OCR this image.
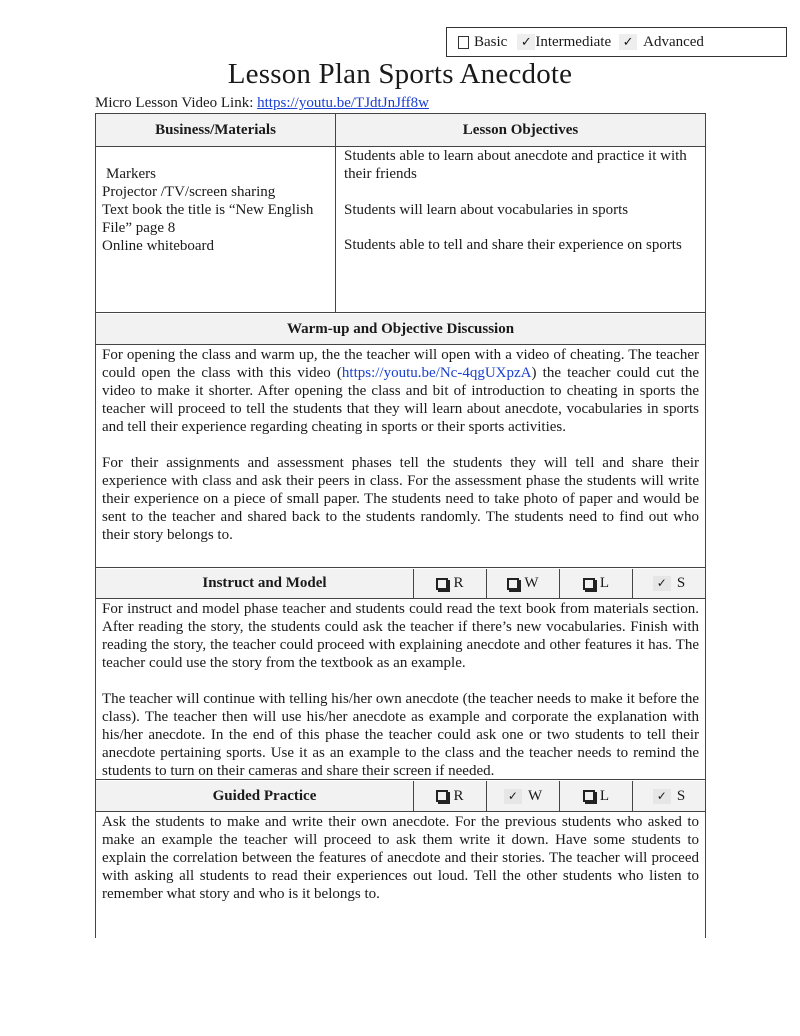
Basic ✓ Intermediate ✓ Advanced
Lesson Plan Sports Anecdote
Micro Lesson Video Link: https://youtu.be/TJdtJnJff8w
Business/Materials	Lesson Objectives
Markers
Projector /TV/screen sharing
Text book the title is “New English File” page 8
Online whiteboard
Students able to learn about anecdote and practice it with their friends
Students will learn about vocabularies in sports
Students able to tell and share their experience on sports
Warm-up and Objective Discussion

For opening the class and warm up, the the teacher will open with a video of cheating. The teacher could open the class with this video (https://youtu.be/Nc-4qgUXpzA) the teacher could cut the video to make it shorter. After opening the class and bit of introduction to cheating in sports the teacher will proceed to tell the students that they will learn about anecdote, vocabularies in sports and tell their experience regarding cheating in sports or their sports activities.

For their assignments and assessment phases tell the students they will tell and share their experience with class and ask their peers in class. For the assessment phase the students will write their experience on a piece of small paper. The students need to take photo of paper and would be sent to the teacher and shared back to the students randomly. The students need to find out who their story belongs to.

Instruct and Model	R	W	L	✓ S

For instruct and model phase teacher and students could read the text book from materials section. After reading the story, the students could ask the teacher if there’s new vocabularies. Finish with reading the story, the teacher could proceed with explaining anecdote and other features it has. The teacher could use the story from the textbook as an example.

The teacher will continue with telling his/her own anecdote (the teacher needs to make it before the class). The teacher then will use his/her anecdote as example and corporate the explanation with his/her anecdote. In the end of this phase the teacher could ask one or two students to tell their anecdote pertaining sports. Use it as an example to the class and the teacher needs to remind the students to turn on their cameras and share their screen if needed.

Guided Practice	R	✓ W	L	✓ S

Ask the students to make and write their own anecdote. For the previous students who asked to make an example the teacher will proceed to ask them write it down. Have some students to explain the correlation between the features of anecdote and their stories. The teacher will proceed with asking all students to read their experiences out loud. Tell the other students who listen to remember what story and who is it belongs to.
